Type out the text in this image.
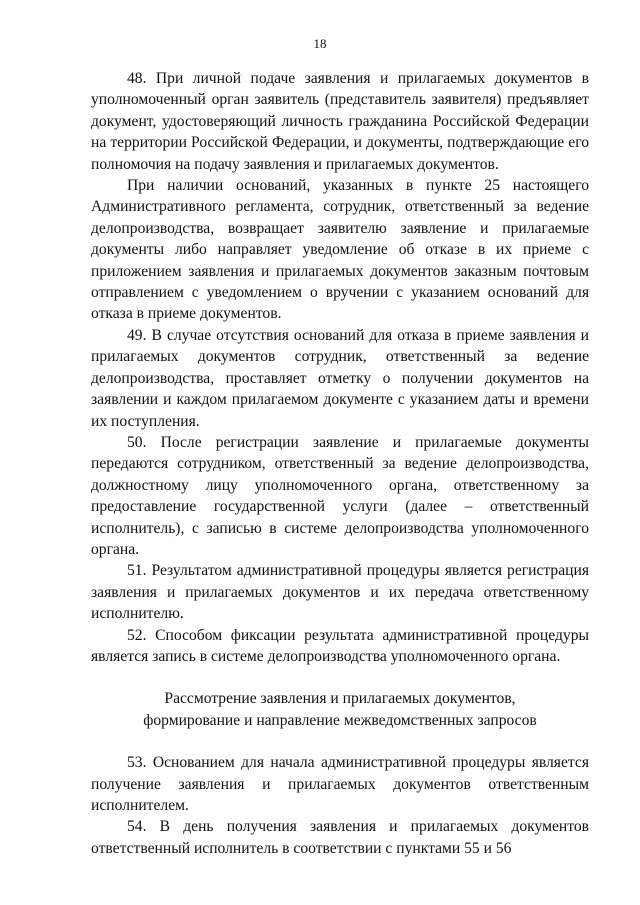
18

48. При личной подаче заявления и прилагаемых документов в уполномоченный орган заявитель (представитель заявителя) предъявляет документ, удостоверяющий личность гражданина Российской Федерации на территории Российской Федерации, и документы, подтверждающие его полномочия на подачу заявления и прилагаемых документов.

При наличии оснований, указанных в пункте 25 настоящего Административного регламента, сотрудник, ответственный за ведение делопроизводства, возвращает заявителю заявление и прилагаемые документы либо направляет уведомление об отказе в их приеме с приложением заявления и прилагаемых документов заказным почтовым отправлением с уведомлением о вручении с указанием оснований для отказа в приеме документов.

49. В случае отсутствия оснований для отказа в приеме заявления и прилагаемых документов сотрудник, ответственный за ведение делопроизводства, проставляет отметку о получении документов на заявлении и каждом прилагаемом документе с указанием даты и времени их поступления.

50. После регистрации заявление и прилагаемые документы передаются сотрудником, ответственный за ведение делопроизводства, должностному лицу уполномоченного органа, ответственному за предоставление государственной услуги (далее – ответственный исполнитель), с записью в системе делопроизводства уполномоченного органа.

51. Результатом административной процедуры является регистрация заявления и прилагаемых документов и их передача ответственному исполнителю.

52. Способом фиксации результата административной процедуры является запись в системе делопроизводства уполномоченного органа.

Рассмотрение заявления и прилагаемых документов,
формирование и направление межведомственных запросов

53. Основанием для начала административной процедуры является получение заявления и прилагаемых документов ответственным исполнителем.

54. В день получения заявления и прилагаемых документов ответственный исполнитель в соответствии с пунктами 55 и 56
